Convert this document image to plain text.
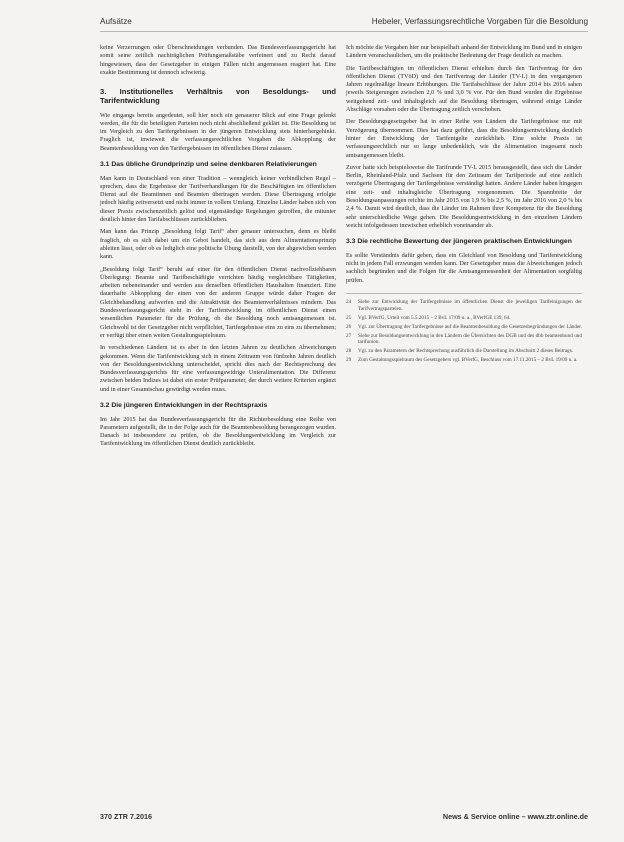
Aufsätze	Hebeler, Verfassungsrechtliche Vorgaben für die Besoldung

keine Verzerrungen oder Überschneidungen verbunden. Das Bundesverfassungsgericht hat somit seine zeitlich nachträglichen Prüfungsmaßstäbe verfeinert und zu Recht darauf hingewiesen, dass der Gesetzgeber in einigen Fällen nicht angemessen reagiert hat. Eine exakte Bestimmung ist dennoch schwierig.

3. Institutionelles Verhältnis von Besoldungs- und Tarifentwicklung

Wie eingangs bereits angedeutet, soll hier noch ein genauerer Blick auf eine Frage gelenkt werden, die für die beteiligten Parteien noch nicht abschließend geklärt ist. Die Besoldung ist im Vergleich zu den Tarifergebnissen in der jüngeren Entwicklung stets hinterhergehinkt. Fraglich ist, inwieweit die verfassungsrechtlichen Vorgaben die Abkopplung der Beamtenbesoldung von den Tarifergebnissen im öffentlichen Dienst zulassen.

3.1 Das übliche Grundprinzip und seine denkbaren Relativierungen

Man kann in Deutschland von einer Tradition – wenngleich keiner verbindlichen Regel – sprechen, dass die Ergebnisse der Tarifverhandlungen für die Beschäftigten im öffentlichen Dienst auf die Beamtinnen und Beamten übertragen werden. Diese Übertragung erfolgte jedoch häufig zeitversetzt und nicht immer in vollem Umfang. Einzelne Länder haben sich von dieser Praxis zwischenzeitlich gelöst und eigenständige Regelungen getroffen, die mitunter deutlich hinter den Tarifabschlüssen zurückblieben.

Man kann das Prinzip „Besoldung folgt Tarif“ aber genauer untersuchen, denn es bleibt fraglich, ob es sich dabei um ein Gebot handelt, das sich aus dem Alimentationsprinzip ableiten lässt, oder ob es lediglich eine politische Übung darstellt, von der abgewichen werden kann.

„Besoldung folgt Tarif“ beruht auf einer für den öffentlichen Dienst nachvollziehbaren Überlegung: Beamte und Tarifbeschäftigte verrichten häufig vergleichbare Tätigkeiten, arbeiten nebeneinander und werden aus denselben öffentlichen Haushalten finanziert. Eine dauerhafte Abkopplung der einen von der anderen Gruppe würde daher Fragen der Gleichbehandlung aufwerfen und die Attraktivität des Beamtenverhältnisses mindern. Das Bundesverfassungsgericht sieht in der Tarifentwicklung im öffentlichen Dienst einen wesentlichen Parameter für die Prüfung, ob die Besoldung noch amtsangemessen ist. Gleichwohl ist der Gesetzgeber nicht verpflichtet, Tarifergebnisse eins zu eins zu übernehmen; er verfügt über einen weiten Gestaltungsspielraum.

In verschiedenen Ländern ist es aber in den letzten Jahren zu deutlichen Abweichungen gekommen. Wenn die Tarifentwicklung sich in einem Zeitraum von fünfzehn Jahren deutlich von der Besoldungsentwicklung unterscheidet, spricht dies nach der Rechtsprechung des Bundesverfassungsgerichts für eine verfassungswidrige Unteralimentation. Die Differenz zwischen beiden Indizes ist dabei ein erster Prüfparameter, der durch weitere Kriterien ergänzt und in einer Gesamtschau gewürdigt werden muss.

3.2 Die jüngeren Entwicklungen in der Rechtspraxis

Im Jahr 2015 hat das Bundesverfassungsgericht für die Richterbesoldung eine Reihe von Parametern aufgestellt, die in der Folge auch für die Beamtenbesoldung herangezogen wurden. Danach ist insbesondere zu prüfen, ob die Besoldungsentwicklung im Vergleich zur Tarifentwicklung im öffentlichen Dienst deutlich zurückbleibt.

Ich möchte die Vorgaben hier nur beispielhaft anhand der Entwicklung im Bund und in einigen Ländern veranschaulichen, um die praktische Bedeutung der Frage deutlich zu machen.

Die Tarifbeschäftigten im öffentlichen Dienst erhielten durch den Tarifvertrag für den öffentlichen Dienst (TVöD) und den Tarifvertrag der Länder (TV-L) in den vergangenen Jahren regelmäßige lineare Erhöhungen. Die Tarifabschlüsse der Jahre 2014 bis 2016 sahen jeweils Steigerungen zwischen 2,0 % und 3,0 % vor. Für den Bund wurden die Ergebnisse weitgehend zeit- und inhaltsgleich auf die Besoldung übertragen, während einige Länder Abschläge vorsahen oder die Übertragung zeitlich verschoben.

Der Besoldungsgesetzgeber hat in einer Reihe von Ländern die Tarifergebnisse nur mit Verzögerung übernommen. Dies hat dazu geführt, dass die Besoldungsentwicklung deutlich hinter der Entwicklung der Tarifentgelte zurückblieb. Eine solche Praxis ist verfassungsrechtlich nur so lange unbedenklich, wie die Alimentation insgesamt noch amtsangemessen bleibt.

Zuvor hatte sich beispielsweise die Tarifrunde TV-L 2015 herausgestellt, dass sich die Länder Berlin, Rheinland-Pfalz und Sachsen für den Zeitraum der Tarifperiode auf eine zeitlich verzögerte Übertragung der Tarifergebnisse verständigt hatten. Andere Länder haben hingegen eine zeit- und inhaltsgleiche Übertragung vorgenommen. Die Spannbreite der Besoldungsanpassungen reichte im Jahr 2015 von 1,9 % bis 2,5 %, im Jahr 2016 von 2,0 % bis 2,4 %. Damit wird deutlich, dass die Länder im Rahmen ihrer Kompetenz für die Besoldung sehr unterschiedliche Wege gehen. Die Besoldungsentwicklung in den einzelnen Ländern weicht infolgedessen inzwischen erheblich voneinander ab.

3.3 Die rechtliche Bewertung der jüngeren praktischen Entwicklungen

Es sollte Verständnis dafür geben, dass ein Gleichlauf von Besoldung und Tarifentwicklung nicht in jedem Fall erzwungen werden kann. Der Gesetzgeber muss die Abweichungen jedoch sachlich begründen und die Folgen für die Amtsangemessenheit der Alimentation sorgfältig prüfen.

24	Siehe zur Entwicklung der Tarifergebnisse im öffentlichen Dienst die jeweiligen Tarifeinigungen der Tarifvertragsparteien.
25	Vgl. BVerfG, Urteil vom 5.5.2015 – 2 BvL 17/09 u. a., BVerfGE 139, 64.
26	Vgl. zur Übertragung der Tarifergebnisse auf die Beamtenbesoldung die Gesetzesbegründungen der Länder.
27	Siehe zur Besoldungsentwicklung in den Ländern die Übersichten des DGB und des dbb beamtenbund und tarifunion.
28	Vgl. zu den Parametern der Rechtsprechung ausführlich die Darstellung im Abschnitt 2 dieses Beitrags.
29	Zum Gestaltungsspielraum des Gesetzgebers vgl. BVerfG, Beschluss vom 17.11.2015 – 2 BvL 19/09 u. a.
370 ZTR 7.2016	News & Service online – www.ztr.online.de
